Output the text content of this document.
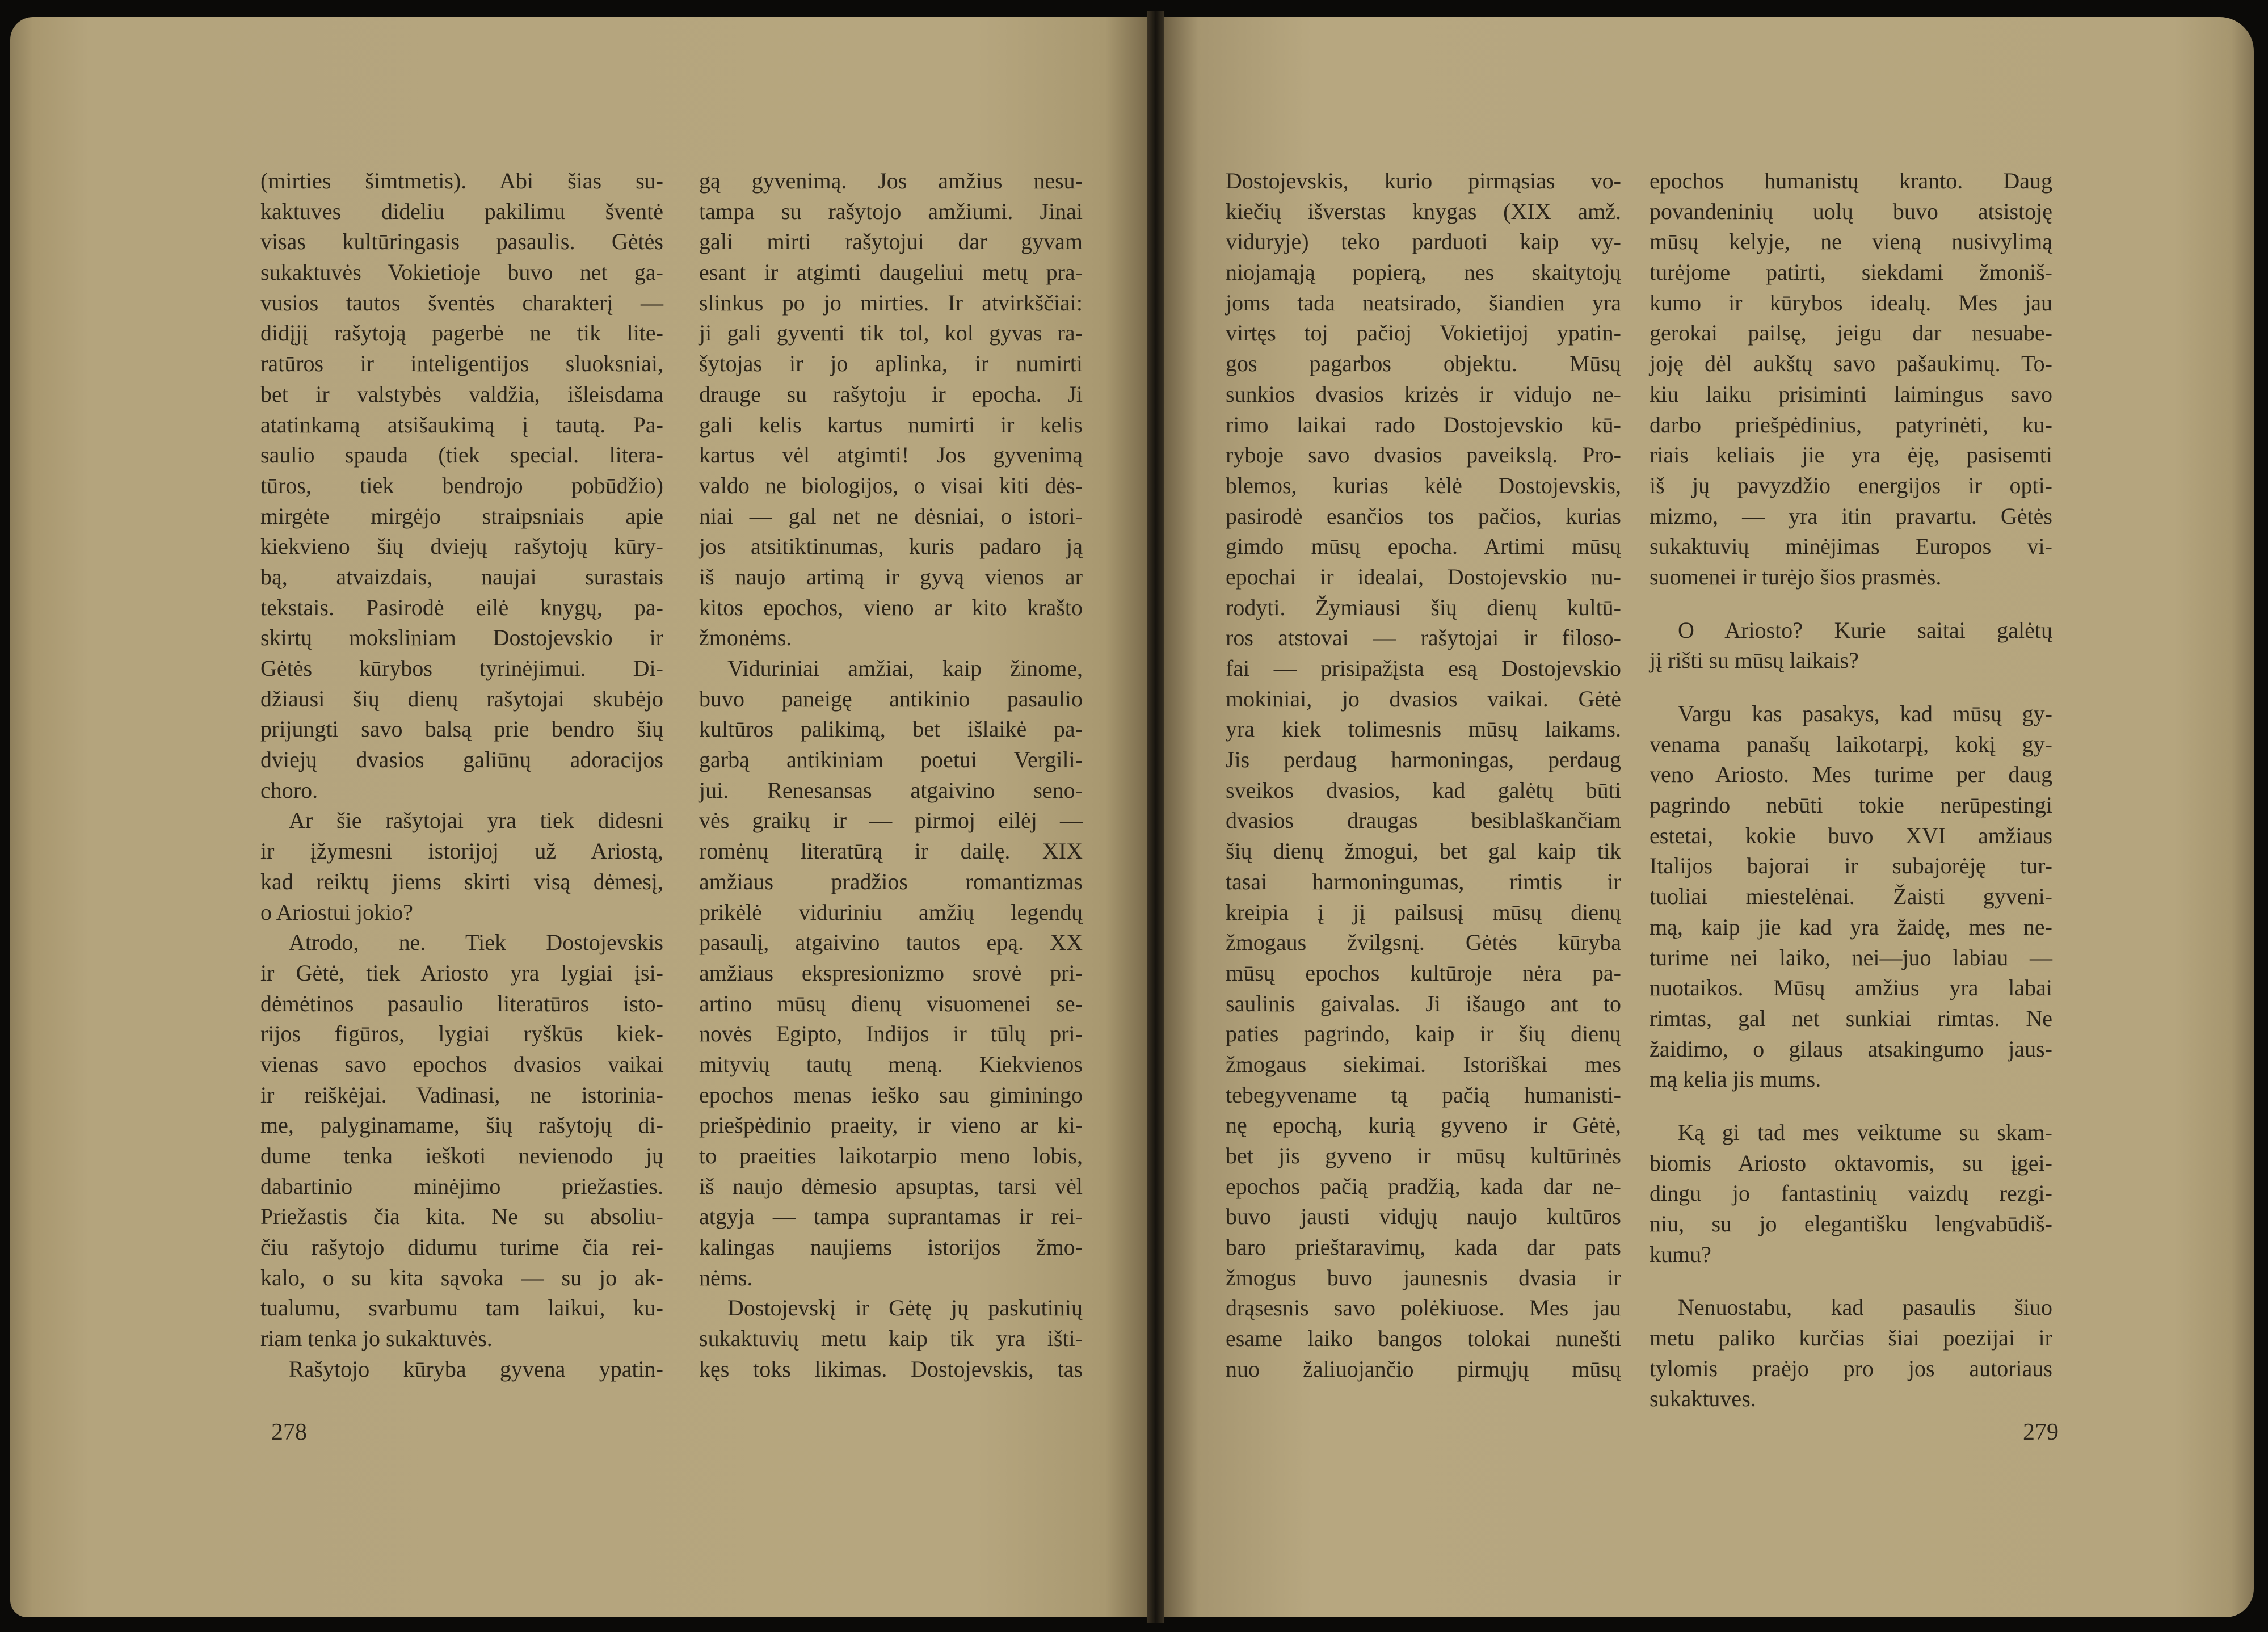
(mirties šimtmetis). Abi šias su-
kaktuves dideliu pakilimu šventė
visas kultūringasis pasaulis. Gėtės
sukaktuvės Vokietioje buvo net ga-
vusios tautos šventės charakterį —
didįjį rašytoją pagerbė ne tik lite-
ratūros ir inteligentijos sluoksniai,
bet ir valstybės valdžia, išleisdama
atatinkamą atsišaukimą į tautą. Pa-
saulio spauda (tiek special. litera-
tūros, tiek bendrojo pobūdžio)
mirgėte mirgėjo straipsniais apie
kiekvieno šių dviejų rašytojų kūry-
bą, atvaizdais, naujai surastais
tekstais. Pasirodė eilė knygų, pa-
skirtų moksliniam Dostojevskio ir
Gėtės kūrybos tyrinėjimui. Di-
džiausi šių dienų rašytojai skubėjo
prijungti savo balsą prie bendro šių
dviejų dvasios galiūnų adoracijos
choro.
Ar šie rašytojai yra tiek didesni
ir įžymesni istorijoj už Ariostą,
kad reiktų jiems skirti visą dėmesį,
o Ariostui jokio?
Atrodo, ne. Tiek Dostojevskis
ir Gėtė, tiek Ariosto yra lygiai įsi-
dėmėtinos pasaulio literatūros isto-
rijos figūros, lygiai ryškūs kiek-
vienas savo epochos dvasios vaikai
ir reiškėjai. Vadinasi, ne istorinia-
me, palyginamame, šių rašytojų di-
dume tenka ieškoti nevienodo jų
dabartinio minėjimo priežasties.
Priežastis čia kita. Ne su absoliu-
čiu rašytojo didumu turime čia rei-
kalo, o su kita sąvoka — su jo ak-
tualumu, svarbumu tam laikui, ku-
riam tenka jo sukaktuvės.
Rašytojo kūryba gyvena ypatin-
gą gyvenimą. Jos amžius nesu-
tampa su rašytojo amžiumi. Jinai
gali mirti rašytojui dar gyvam
esant ir atgimti daugeliui metų pra-
slinkus po jo mirties. Ir atvirkščiai:
ji gali gyventi tik tol, kol gyvas ra-
šytojas ir jo aplinka, ir numirti
drauge su rašytoju ir epocha. Ji
gali kelis kartus numirti ir kelis
kartus vėl atgimti! Jos gyvenimą
valdo ne biologijos, o visai kiti dės-
niai — gal net ne dėsniai, o istori-
jos atsitiktinumas, kuris padaro ją
iš naujo artimą ir gyvą vienos ar
kitos epochos, vieno ar kito krašto
žmonėms.
Viduriniai amžiai, kaip žinome,
buvo paneigę antikinio pasaulio
kultūros palikimą, bet išlaikė pa-
garbą antikiniam poetui Vergili-
jui. Renesansas atgaivino seno-
vės graikų ir — pirmoj eilėj —
romėnų literatūrą ir dailę. XIX
amžiaus pradžios romantizmas
prikėlė viduriniu amžių legendų
pasaulį, atgaivino tautos epą. XX
amžiaus ekspresionizmo srovė pri-
artino mūsų dienų visuomenei se-
novės Egipto, Indijos ir tūlų pri-
mityvių tautų meną. Kiekvienos
epochos menas ieško sau giminingo
priešpėdinio praeity, ir vieno ar ki-
to praeities laikotarpio meno lobis,
iš naujo dėmesio apsuptas, tarsi vėl
atgyja — tampa suprantamas ir rei-
kalingas naujiems istorijos žmo-
nėms.
Dostojevskį ir Gėtę jų paskutinių
sukaktuvių metu kaip tik yra išti-
kęs toks likimas. Dostojevskis, tas
Dostojevskis, kurio pirmąsias vo-
kiečių išverstas knygas (XIX amž.
viduryje) teko parduoti kaip vy-
niojamąją popierą, nes skaitytojų
joms tada neatsirado, šiandien yra
virtęs toj pačioj Vokietijoj ypatin-
gos pagarbos objektu. Mūsų
sunkios dvasios krizės ir vidujo ne-
rimo laikai rado Dostojevskio kū-
ryboje savo dvasios paveikslą. Pro-
blemos, kurias kėlė Dostojevskis,
pasirodė esančios tos pačios, kurias
gimdo mūsų epocha. Artimi mūsų
epochai ir idealai, Dostojevskio nu-
rodyti. Žymiausi šių dienų kultū-
ros atstovai — rašytojai ir filoso-
fai — prisipažįsta esą Dostojevskio
mokiniai, jo dvasios vaikai. Gėtė
yra kiek tolimesnis mūsų laikams.
Jis perdaug harmoningas, perdaug
sveikos dvasios, kad galėtų būti
dvasios draugas besiblaškančiam
šių dienų žmogui, bet gal kaip tik
tasai harmoningumas, rimtis ir
kreipia į jį pailsusį mūsų dienų
žmogaus žvilgsnį. Gėtės kūryba
mūsų epochos kultūroje nėra pa-
saulinis gaivalas. Ji išaugo ant to
paties pagrindo, kaip ir šių dienų
žmogaus siekimai. Istoriškai mes
tebegyvename tą pačią humanisti-
nę epochą, kurią gyveno ir Gėtė,
bet jis gyveno ir mūsų kultūrinės
epochos pačią pradžią, kada dar ne-
buvo jausti vidųjų naujo kultūros
baro prieštaravimų, kada dar pats
žmogus buvo jaunesnis dvasia ir
drąsesnis savo polėkiuose. Mes jau
esame laiko bangos tolokai nunešti
nuo žaliuojančio pirmųjų mūsų
epochos humanistų kranto. Daug
povandeninių uolų buvo atsistoję
mūsų kelyje, ne vieną nusivylimą
turėjome patirti, siekdami žmoniš-
kumo ir kūrybos idealų. Mes jau
gerokai pailsę, jeigu dar nesuabe-
joję dėl aukštų savo pašaukimų. To-
kiu laiku prisiminti laimingus savo
darbo priešpėdinius, patyrinėti, ku-
riais keliais jie yra ėję, pasisemti
iš jų pavyzdžio energijos ir opti-
mizmo, — yra itin pravartu. Gėtės
sukaktuvių minėjimas Europos vi-
suomenei ir turėjo šios prasmės.
O Ariosto? Kurie saitai galėtų
jį rišti su mūsų laikais?
Vargu kas pasakys, kad mūsų gy-
venama panašų laikotarpį, kokį gy-
veno Ariosto. Mes turime per daug
pagrindo nebūti tokie nerūpestingi
estetai, kokie buvo XVI amžiaus
Italijos bajorai ir subajorėję tur-
tuoliai miestelėnai. Žaisti gyveni-
mą, kaip jie kad yra žaidę, mes ne-
turime nei laiko, nei—juo labiau —
nuotaikos. Mūsų amžius yra labai
rimtas, gal net sunkiai rimtas. Ne
žaidimo, o gilaus atsakingumo jaus-
mą kelia jis mums.
Ką gi tad mes veiktume su skam-
biomis Ariosto oktavomis, su įgei-
dingu jo fantastinių vaizdų rezgi-
niu, su jo elegantišku lengvabūdiš-
kumu?
Nenuostabu, kad pasaulis šiuo
metu paliko kurčias šiai poezijai ir
tylomis praėjo pro jos autoriaus
sukaktuves.
278	279
